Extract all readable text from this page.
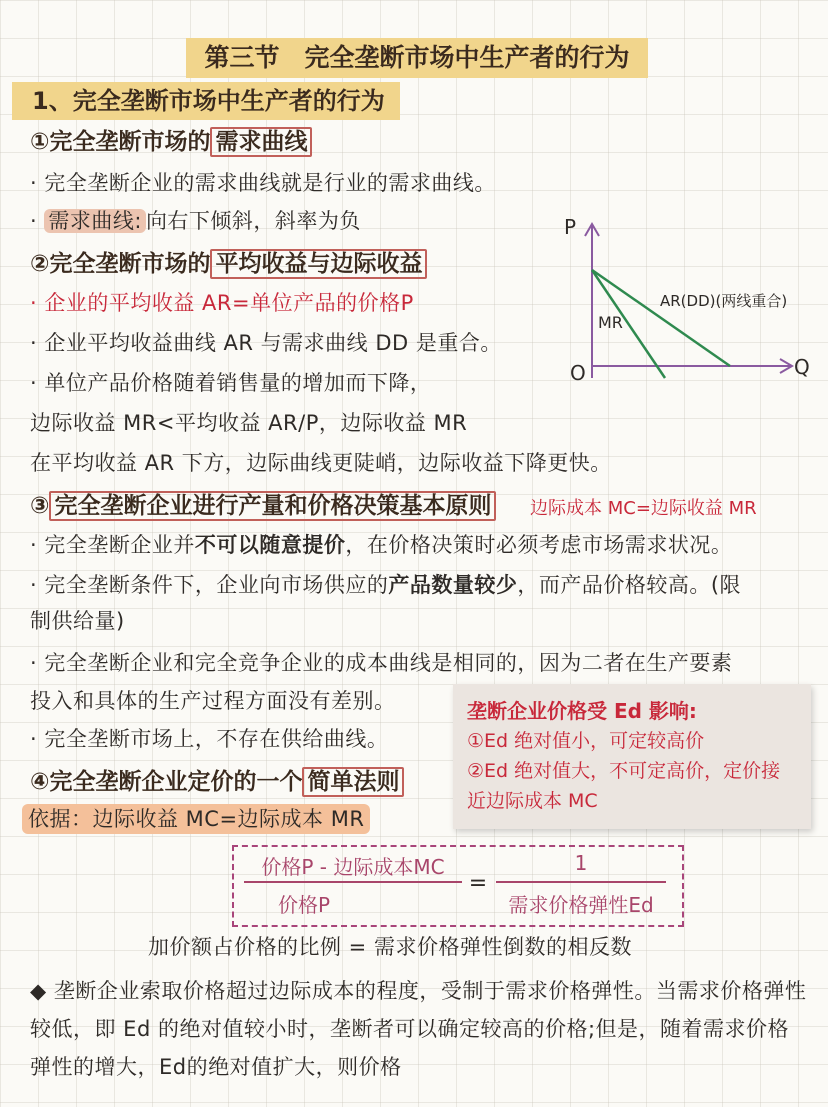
第三节　完全垄断市场中生产者的行为
1、完全垄断市场中生产者的行为
①完全垄断市场的 需求曲线
· 完全垄断企业的需求曲线就是行业的需求曲线。
· 需求曲线: 向右下倾斜，斜率为负
②完全垄断市场的 平均收益与边际收益
· 企业的平均收益 AR=单位产品的价格P
· 企业平均收益曲线 AR 与需求曲线 DD 是重合。
· 单位产品价格随着销售量的增加而下降，
边际收益 MR<平均收益 AR/P，边际收益 MR
在平均收益 AR 下方，边际曲线更陡峭，边际收益下降更快。
P
Q
O
MR
AR(DD)(两线重合)
③ 完全垄断企业进行产量和价格决策基本原则 边际成本 MC=边际收益 MR
· 完全垄断企业并不可以随意提价，在价格决策时必须考虑市场需求状况。
· 完全垄断条件下，企业向市场供应的产品数量较少，而产品价格较高。(限
制供给量)
· 完全垄断企业和完全竞争企业的成本曲线是相同的，因为二者在生产要素
投入和具体的生产过程方面没有差别。
· 完全垄断市场上，不存在供给曲线。
垄断企业价格受 Ed 影响:
①Ed 绝对值小，可定较高价
②Ed 绝对值大，不可定高价，定价接
近边际成本 MC
④完全垄断企业定价的一个 简单法则
依据：边际收益 MC=边际成本 MR
价格P - 边际成本MC
价格P
=
1
需求价格弹性Ed
加价额占价格的比例 = 需求价格弹性倒数的相反数
◆ 垄断企业索取价格超过边际成本的程度，受制于需求价格弹性。当需求价格弹性较低，即 Ed 的绝对值较小时，垄断者可以确定较高的价格;但是，随着需求价格弹性的增大，Ed的绝对值扩大，则价格
